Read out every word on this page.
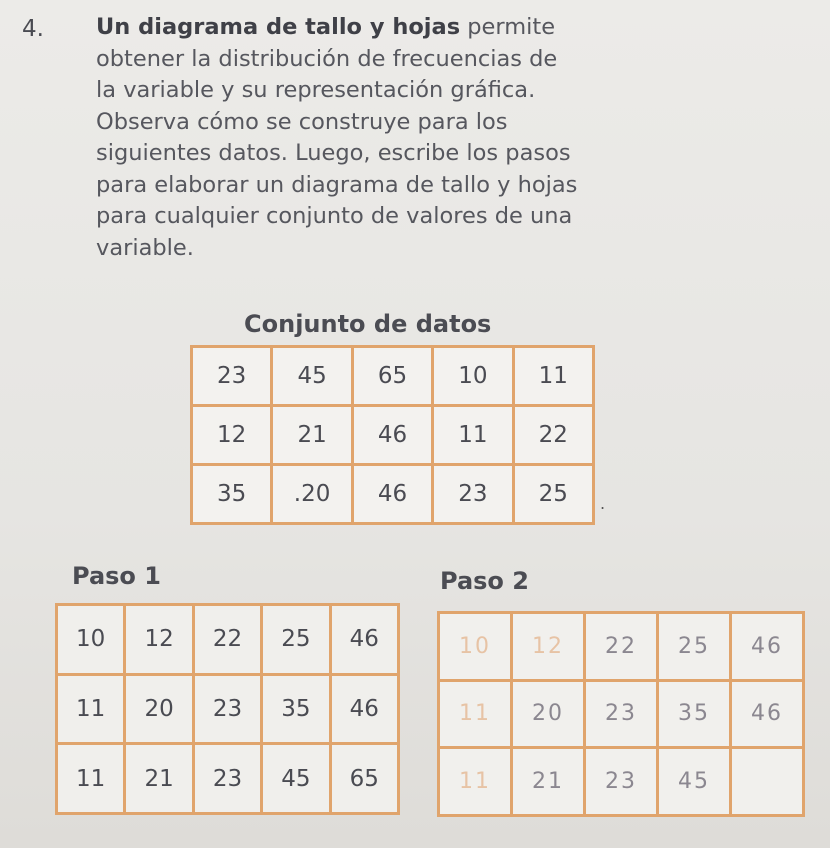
4. Un diagrama de tallo y hojas permite
obtener la distribución de frecuencias de
la variable y su representación gráfica.
Observa cómo se construye para los
siguientes datos. Luego, escribe los pasos
para elaborar un diagrama de tallo y hojas
para cualquier conjunto de valores de una
variable.
Conjunto de datos
23	45	65	10	11
12	21	46	11	22
35	.20	46	23	25 .
Paso 1
10	12	22	25	46
11	20	23	35	46
11	21	23	45	65
Paso 2
10	12	22	25	46
11	20	23	35	46
11	21	23	45	
